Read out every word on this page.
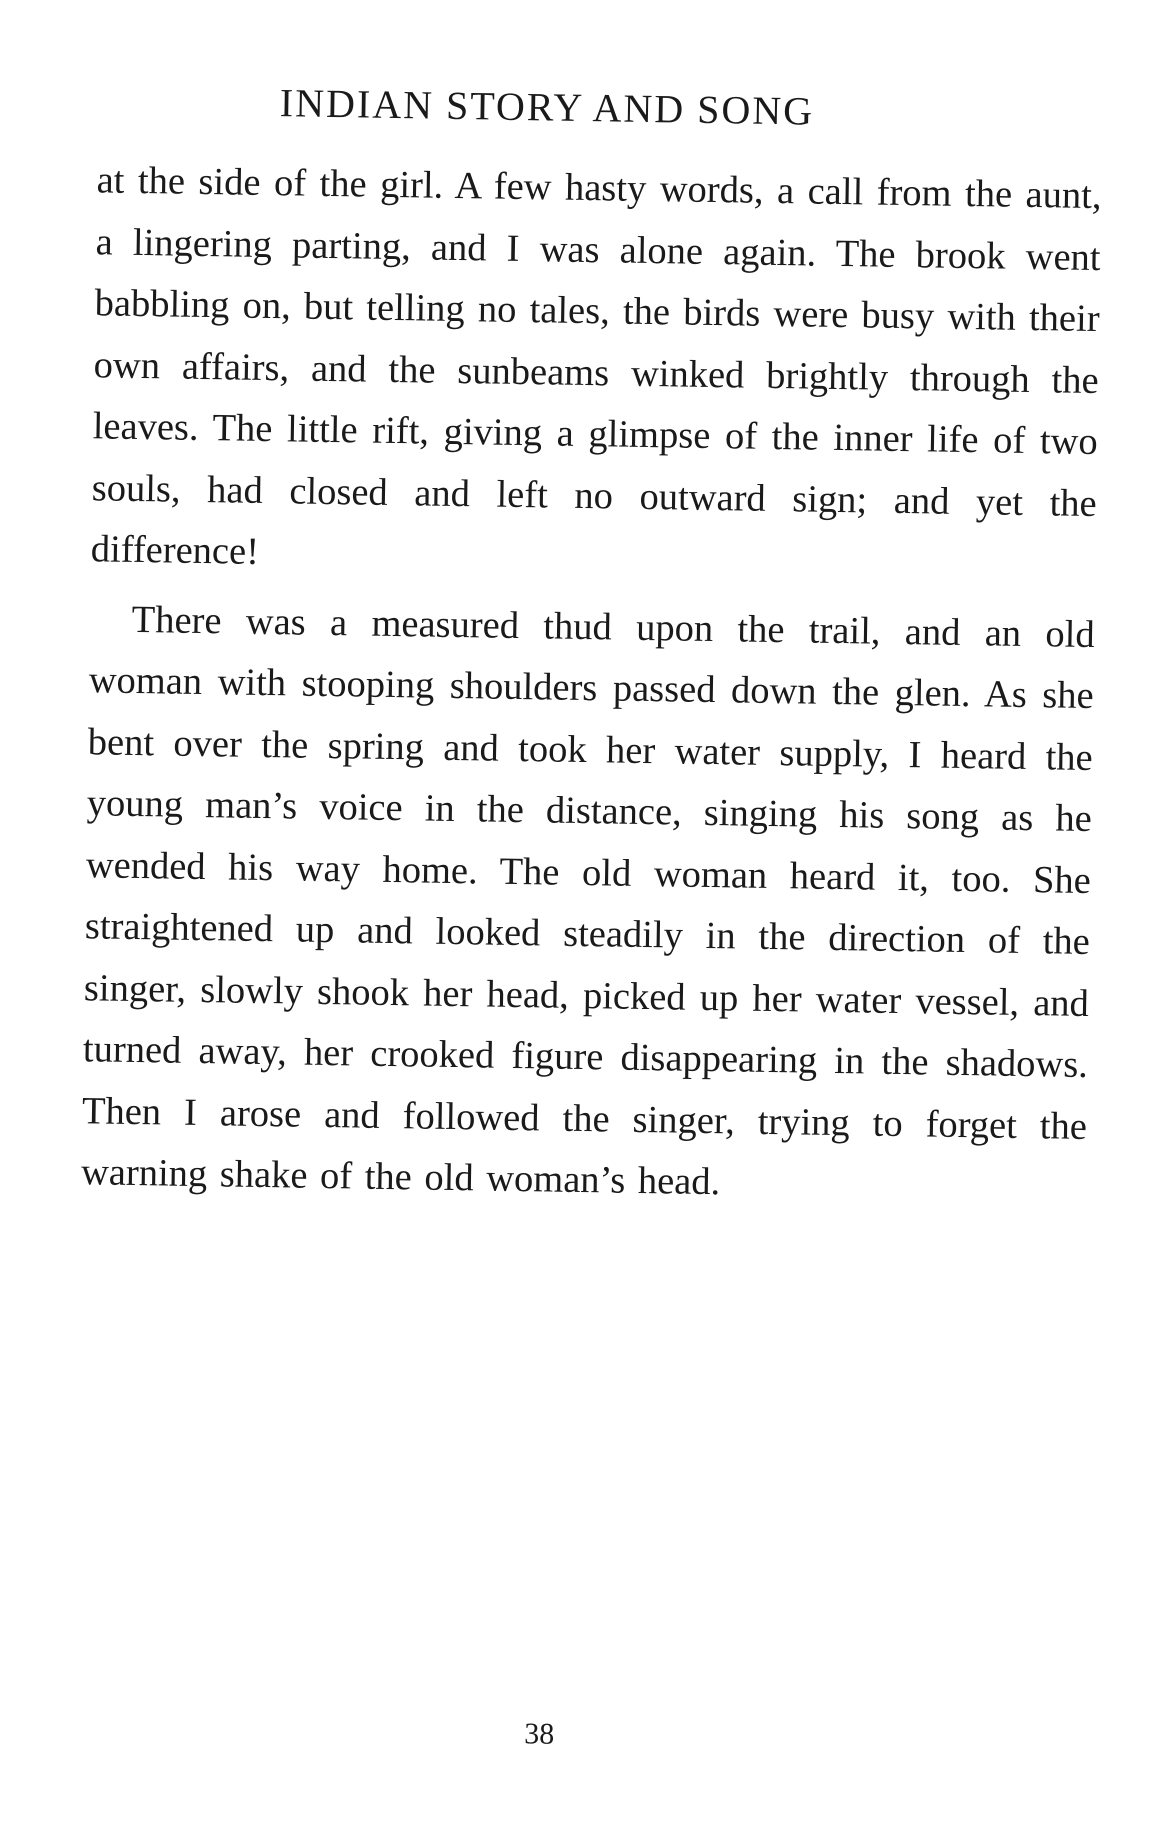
INDIAN STORY AND SONG

at the side of the girl. A few hasty words, a call from the aunt, a lingering parting, and I was alone again. The brook went babbling on, but telling no tales, the birds were busy with their own affairs, and the sunbeams winked brightly through the leaves. The little rift, giving a glimpse of the inner life of two souls, had closed and left no outward sign; and yet the difference!

There was a measured thud upon the trail, and an old woman with stooping shoulders passed down the glen. As she bent over the spring and took her water supply, I heard the young man’s voice in the distance, singing his song as he wended his way home. The old woman heard it, too. She straightened up and looked steadily in the direction of the singer, slowly shook her head, picked up her water vessel, and turned away, her crooked figure disappearing in the shadows. Then I arose and followed the singer, trying to forget the warning shake of the old woman’s head.

38
